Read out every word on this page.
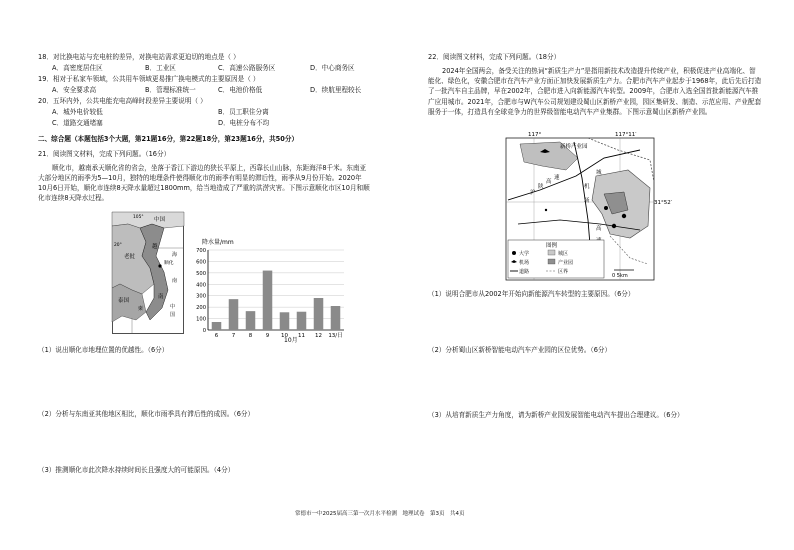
18．对比换电站与充电桩的差异，对换电站需求更迫切的地点是（ ）
A．高密度居住区	B．工业区	C．高速公路服务区	D．中心商务区
19．相对于私家车领域，公共用车领域更易推广换电模式的主要原因是（ ）
A．安全要求高	B．管理标准统一	C．电池价格低	D．续航里程较长
20．五环内外，公共电能充电高峰时段差异主要说明（ ）
A．城外电价较低	B．员工职住分离
C．道路交通堵塞	D．电桩分布不均
二、综合题（本题包括3个大题，第21题16分，第22题18分，第23题16分，共50分）
21．阅读图文材料，完成下列问题。（16分）
顺化市，越南承天顺化省的省会，坐落于香江下游边的狭长平原上，西靠长山山脉，东距海洋8千米。东南亚大部分地区的雨季为5—10月，独特的地理条件使得顺化市的雨季有明显的滞后性，雨季从9月份开始。2020年10月6日开始，顺化市连续8天降水量超过1800mm，给当地造成了严重的洪涝灾害。下图示意顺化市区10月和顺化市连续8天降水过程。
中国
老挝
泰国
柬
越
南
顺化
海
南
中
国
105°
20°	降水量/mm
700
600
500
400
300
200
100
0
6 7 8 9 10 11 12 13/日
10月
（1）说出顺化市地理位置的优越性。（6分）
（2）分析与东南亚其他地区相比，顺化市雨季具有滞后性的成因。（6分）
（3）推测顺化市此次降水持续时间长且强度大的可能原因。（4分）
22．阅读图文材料，完成下列问题。（18分）
2024年全国两会，备受关注的热词“新质生产力”是指用新技术改造提升传统产业，积极促进产业高端化、智能化、绿色化，安徽合肥市在汽车产业方面正加快发展新质生产力。合肥市汽车产业起步于1968年，此后先后打造了一批汽车自主品牌，早在2002年，合肥市进入向新能源汽车转型。2009年，合肥市入选全国首批新能源汽车推广应用城市。2021年，合肥市与W汽车公司规划建设蜀山区新桥产业园，园区集研发、制造、示范应用、产业配套服务于一体，打造具有全球竞争力的世界级智能电动汽车产业集群。下图示意蜀山区新桥产业园。
117°	117°11′
31°52′
新桥产业园
沪
陕
高
速
机
场
城
高
图例
大学	城区
机场	产业园
道路	区界
0 5km
（1）说明合肥市从2002年开始向新能源汽车转型的主要原因。（6分）
（2）分析蜀山区新桥智能电动汽车产业园的区位优势。（6分）
（3）从培育新质生产力角度，请为新桥产业园发展智能电动汽车提出合理建议。（6分）
常德市一中2025届高三第一次月水平检测　地理试卷　第3页　共4页
